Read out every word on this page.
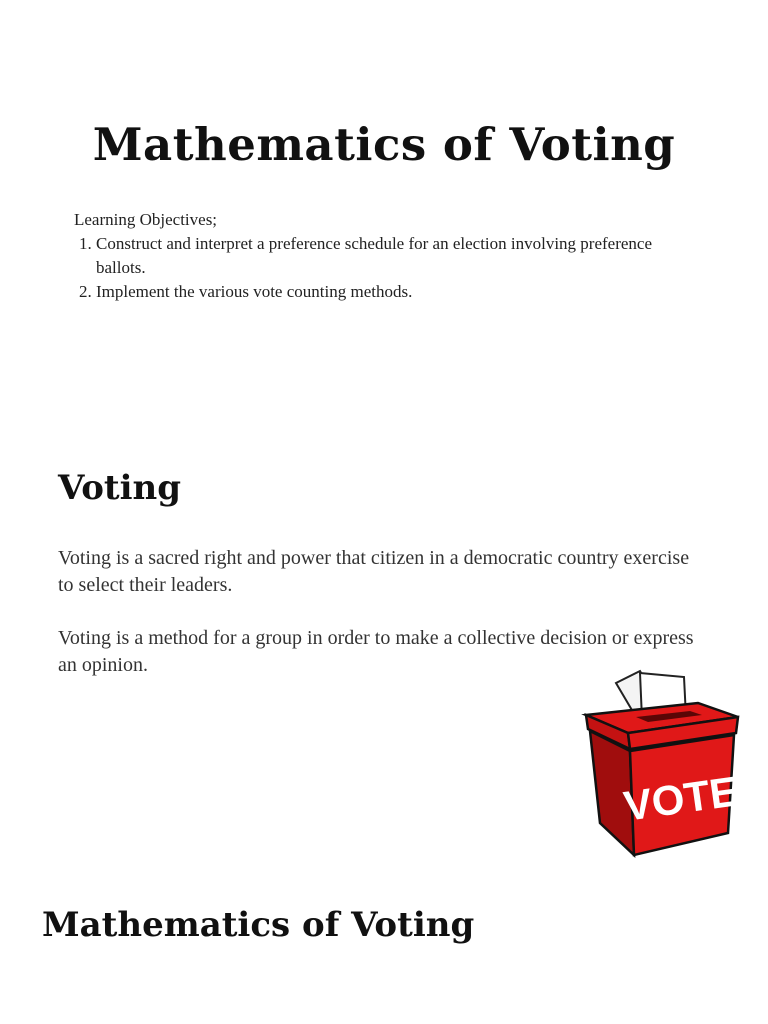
Mathematics of Voting
Learning Objectives;
1. Construct and interpret a preference schedule for an election involving preference ballots.
2. Implement the various vote counting methods.
Voting

Voting is a sacred right and power that citizen in a democratic country exercise to select their leaders.

Voting is a method for a group in order to make a collective decision or express an opinion.

VOTE
Mathematics of Voting
